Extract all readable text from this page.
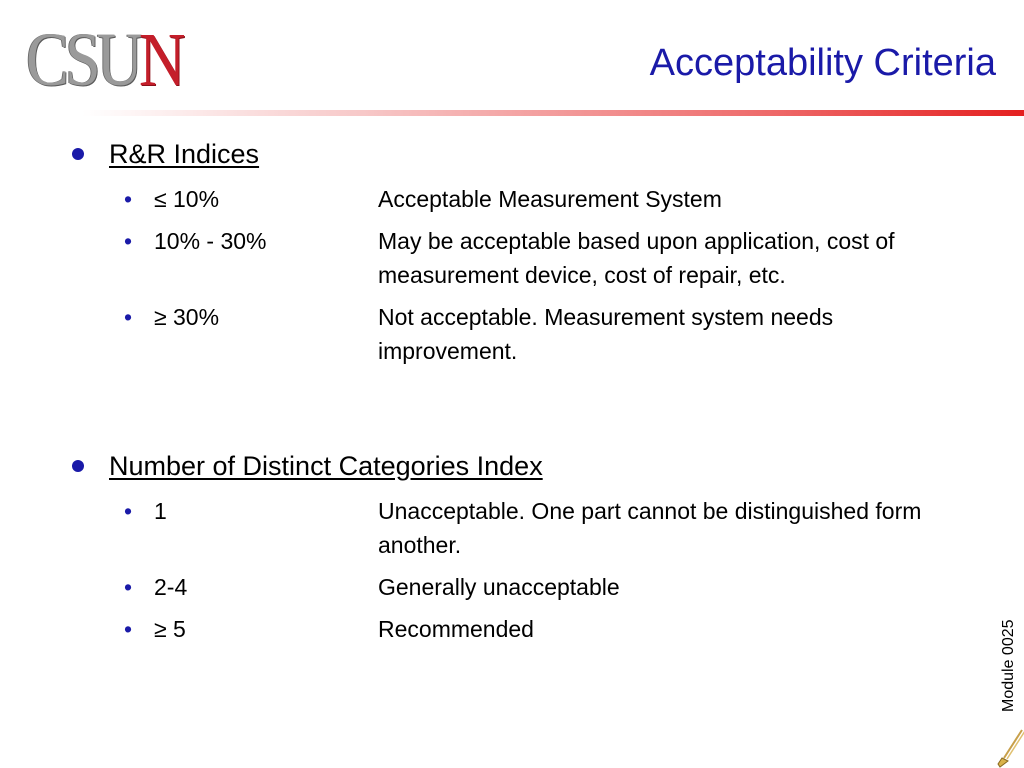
CSUN	Acceptability Criteria
R&R Indices
• ≤ 10%	Acceptable Measurement System
• 10% - 30%	May be acceptable based upon application, cost of measurement device, cost of repair, etc.
• ≥ 30%	Not acceptable. Measurement system needs improvement.
Number of Distinct Categories Index
• 1	Unacceptable. One part cannot be distinguished form another.
• 2-4	Generally unacceptable
• ≥ 5	Recommended	Module 0025
